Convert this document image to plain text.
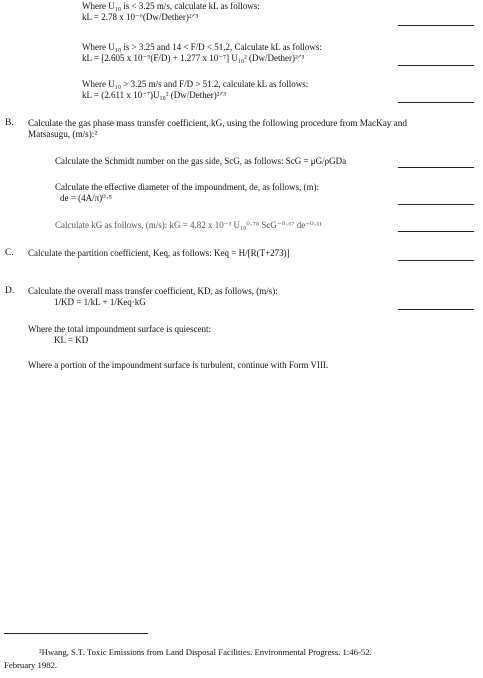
Where U₁₀ is < 3.25 m/s, calculate kL as follows:
kL = 2.78 x 10⁻⁶(Dw/Dether)²ᐟ³
Where U₁₀ is > 3.25 and 14 < F/D < 51.2, Calculate kL as follows:
kL = [2.605 x 10⁻⁹(F/D) + 1.277 x 10⁻⁷] U₁₀² (Dw/Dether)²ᐟ³
Where U₁₀ > 3.25 m/s and F/D > 51.2, calculate kL as follows:
kL = (2.611 x 10⁻⁷)U₁₀² (Dw/Dether)²ᐟ³
B. Calculate the gas phase mass transfer coefficient, kG, using the following procedure from MacKay and
Matsasugu, (m/s):²
Calculate the Schmidt number on the gas side, ScG, as follows: ScG = μG/ρGDa
Calculate the effective diameter of the impoundment, de, as follows, (m):
de = (4A/π)⁰·⁵
Calculate kG as follows, (m/s): kG = 4.82 x 10⁻³ U₁₀⁰·⁷⁸ ScG⁻⁰·⁶⁷ de⁻⁰·¹¹
C. Calculate the partition coefficient, Keq, as follows: Keq = H/[R(T+273)]
D. Calculate the overall mass transfer coefficient, KD, as follows, (m/s):
1/KD = 1/kL + 1/Keq·kG
Where the total impoundment surface is quiescent:
KL = KD
Where a portion of the impoundment surface is turbulent, continue with Form VIII.
²Hwang, S.T. Toxic Emissions from Land Disposal Facilities. Environmental Progress. 1:46-52.
February 1982.
